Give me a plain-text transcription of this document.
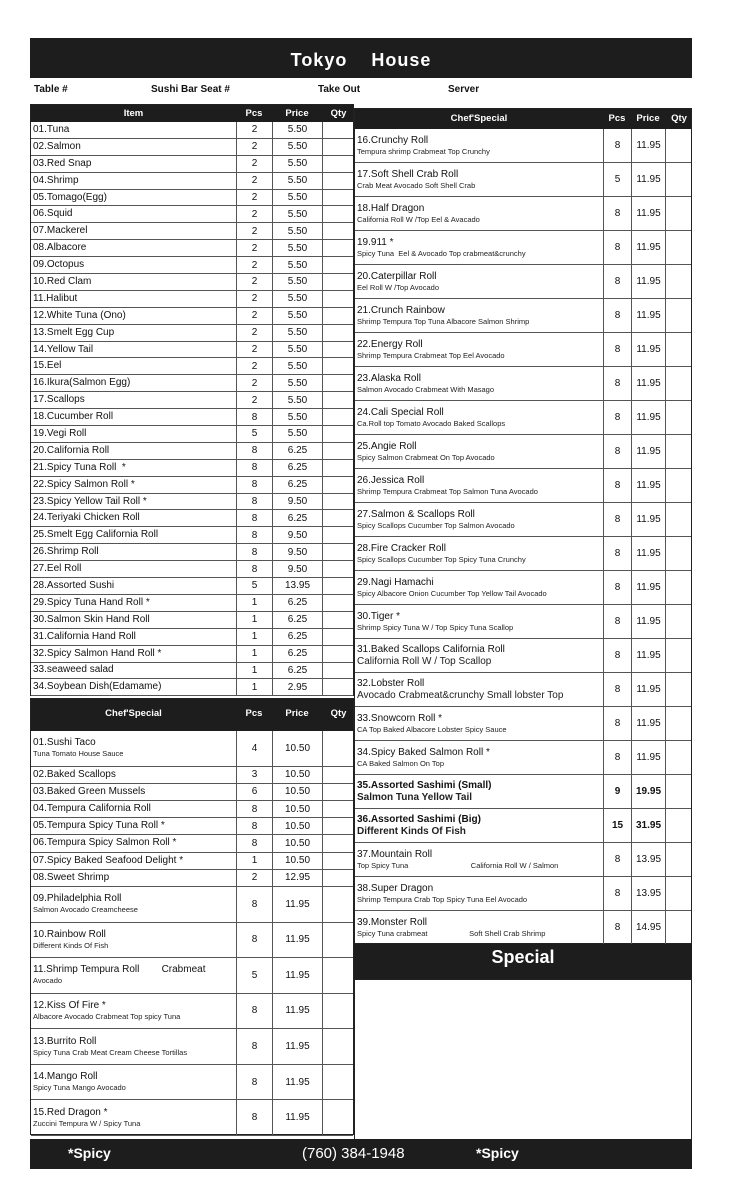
Tokyo    House
Table #	Sushi Bar Seat #	Take Out	Server
Item	Pcs	Price	Qty
01.Tuna	2	5.50
02.Salmon	2	5.50
03.Red Snap	2	5.50
04.Shrimp	2	5.50
05.Tomago(Egg)	2	5.50
06.Squid	2	5.50
07.Mackerel	2	5.50
08.Albacore	2	5.50
09.Octopus	2	5.50
10.Red Clam	2	5.50
11.Halibut	2	5.50
12.White Tuna (Ono)	2	5.50
13.Smelt Egg Cup	2	5.50
14.Yellow Tail	2	5.50
15.Eel	2	5.50
16.Ikura(Salmon Egg)	2	5.50
17.Scallops	2	5.50
18.Cucumber Roll	8	5.50
19.Vegi Roll	5	5.50
20.California Roll	8	6.25
21.Spicy Tuna Roll  *	8	6.25
22.Spicy Salmon Roll *	8	6.25
23.Spicy Yellow Tail Roll *	8	9.50
24.Teriyaki Chicken Roll	8	6.25
25.Smelt Egg California Roll	8	9.50
26.Shrimp Roll	8	9.50
27.Eel Roll	8	9.50
28.Assorted Sushi	5	13.95
29.Spicy Tuna Hand Roll *	1	6.25
30.Salmon Skin Hand Roll	1	6.25
31.California Hand Roll	1	6.25
32.Spicy Salmon Hand Roll *	1	6.25
33.seaweed salad	1	6.25
34.Soybean Dish(Edamame)	1	2.95
Chef'Special	Pcs	Price	Qty
01.Sushi Taco
Tuna Tomato House Sauce	4	10.50
02.Baked Scallops	3	10.50
03.Baked Green Mussels	6	10.50
04.Tempura California Roll	8	10.50
05.Tempura Spicy Tuna Roll *	8	10.50
06.Tempura Spicy Salmon Roll *	8	10.50
07.Spicy Baked Seafood Delight *	1	10.50
08.Sweet Shrimp	2	12.95
09.Philadelphia Roll
Salmon Avocado Creamcheese	8	11.95
10.Rainbow Roll
Different Kinds Of Fish	8	11.95
11.Shrimp Tempura Roll        Crabmeat
Avocado	5	11.95
12.Kiss Of Fire *
Albacore Avocado Crabmeat Top spicy Tuna	8	11.95
13.Burrito Roll
Spicy Tuna Crab Meat Cream Cheese Tortillas	8	11.95
14.Mango Roll
Spicy Tuna Mango Avocado	8	11.95
15.Red Dragon *
Zuccini Tempura W / Spicy Tuna	8	11.95
Chef'Special	Pcs	Price	Qty
16.Crunchy Roll
Tempura shrimp Crabmeat Top Crunchy	8	11.95
17.Soft Shell Crab Roll
Crab Meat Avocado Soft Shell Crab	5	11.95
18.Half Dragon
California Roll W /Top Eel & Avacado	8	11.95
19.911 *
Spicy Tuna  Eel & Avocado Top crabmeat&crunchy	8	11.95
20.Caterpillar Roll
Eel Roll W /Top Avocado	8	11.95
21.Crunch Rainbow
Shrimp Tempura Top Tuna Albacore Salmon Shrimp	8	11.95
22.Energy Roll
Shrimp Tempura Crabmeat Top Eel Avocado	8	11.95
23.Alaska Roll
Salmon Avocado Crabmeat With Masago	8	11.95
24.Cali Special Roll
Ca.Roll top Tomato Avocado Baked Scallops	8	11.95
25.Angie Roll
Spicy Salmon Crabmeat On Top Avocado	8	11.95
26.Jessica Roll
Shrimp Tempura Crabmeat Top Salmon Tuna Avocado	8	11.95
27.Salmon & Scallops Roll
Spicy Scallops Cucumber Top Salmon Avocado	8	11.95
28.Fire Cracker Roll
Spicy Scallops Cucumber Top Spicy Tuna Crunchy	8	11.95
29.Nagi Hamachi
Spicy Albacore Onion Cucumber Top Yellow Tail Avocado	8	11.95
30.Tiger *
Shrimp Spicy Tuna W / Top Spicy Tuna Scallop	8	11.95
31.Baked Scallops California Roll
California Roll W / Top Scallop	8	11.95
32.Lobster Roll
Avocado Crabmeat&crunchy Small lobster Top	8	11.95
33.Snowcorn Roll *
CA Top Baked Albacore Lobster Spicy Sauce	8	11.95
34.Spicy Baked Salmon Roll *
CA Baked Salmon On Top	8	11.95
35.Assorted Sashimi (Small)
Salmon Tuna Yellow Tail	9	19.95
36.Assorted Sashimi (Big)
Different Kinds Of Fish	15	31.95
37.Mountain Roll
Top Spicy Tuna                              California Roll W / Salmon	8	13.95
38.Super Dragon
Shrimp Tempura Crab Top Spicy Tuna Eel Avocado	8	13.95
39.Monster Roll
Spicy Tuna crabmeat                    Soft Shell Crab Shrimp	8	14.95
Special
*Spicy	(760) 384-1948	*Spicy
